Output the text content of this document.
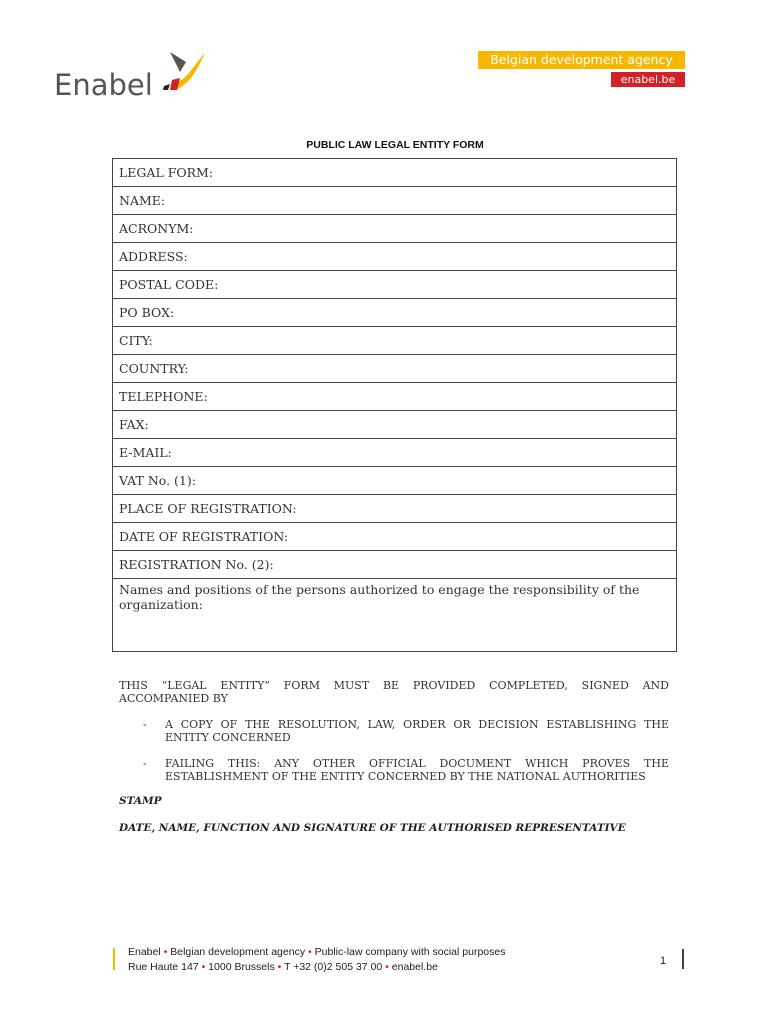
Enabel
Belgian development agency
enabel.be
PUBLIC LAW LEGAL ENTITY FORM
LEGAL FORM:
NAME:
ACRONYM:
ADDRESS:
POSTAL CODE:
PO BOX:
CITY:
COUNTRY:
TELEPHONE:
FAX:
E-MAIL:
VAT No. (1):
PLACE OF REGISTRATION:
DATE OF REGISTRATION:
REGISTRATION No. (2):
Names and positions of the persons authorized to engage the responsibility of the organization:
THIS “LEGAL ENTITY” FORM MUST BE PROVIDED COMPLETED, SIGNED AND ACCOMPANIED BY
- A COPY OF THE RESOLUTION, LAW, ORDER OR DECISION ESTABLISHING THE ENTITY CONCERNED
- FAILING THIS: ANY OTHER OFFICIAL DOCUMENT WHICH PROVES THE ESTABLISHMENT OF THE ENTITY CONCERNED BY THE NATIONAL AUTHORITIES
STAMP
DATE, NAME, FUNCTION AND SIGNATURE OF THE AUTHORISED REPRESENTATIVE
Enabel • Belgian development agency • Public-law company with social purposes
Rue Haute 147 • 1000 Brussels • T +32 (0)2 505 37 00 • enabel.be	1
